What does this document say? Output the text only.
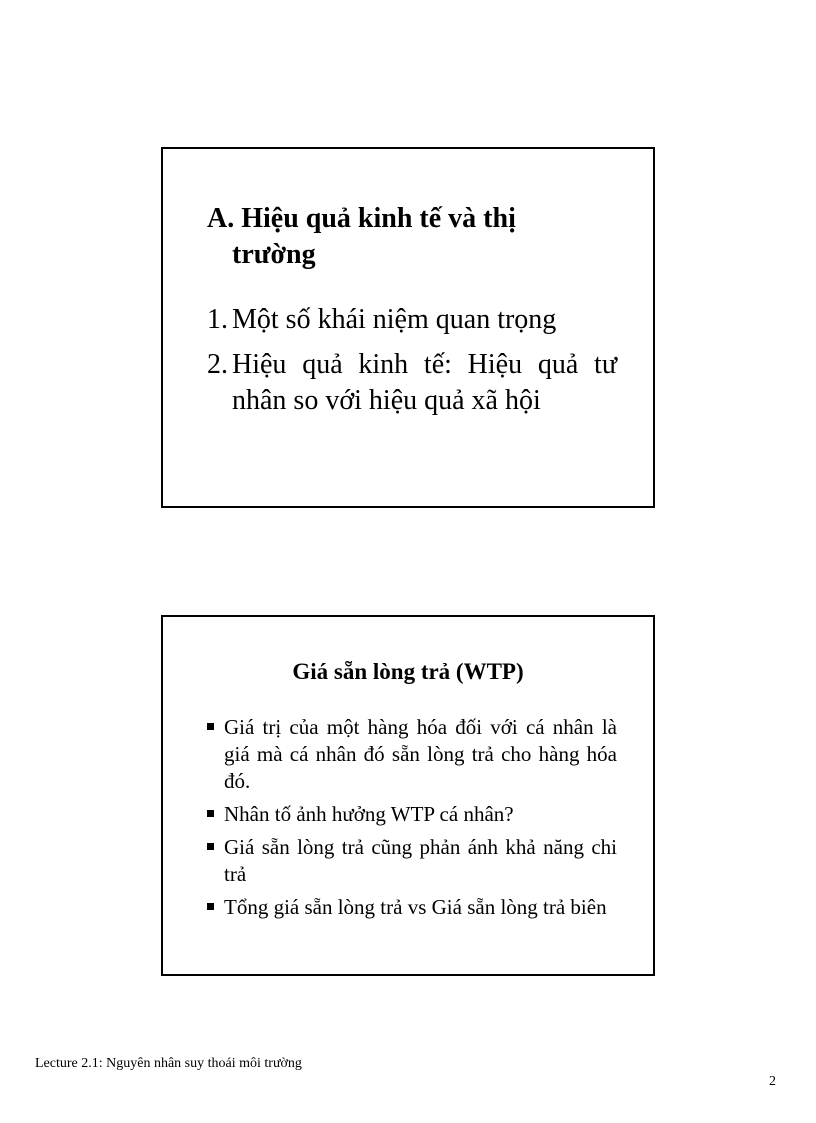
A. Hiệu quả kinh tế và thị
trường
1. Một số khái niệm quan trọng
2. Hiệu quả kinh tế: Hiệu quả tư nhân so với hiệu quả xã hội
Giá sẵn lòng trả (WTP)
Giá trị của một hàng hóa đối với cá nhân là giá mà cá nhân đó sẵn lòng trả cho hàng hóa đó.
Nhân tố ảnh hưởng WTP cá nhân?
Giá sẵn lòng trả cũng phản ánh khả năng chi trả
Tổng giá sẵn lòng trả vs Giá sẵn lòng trả biên
Lecture 2.1: Nguyên nhân suy thoái môi trường
2
